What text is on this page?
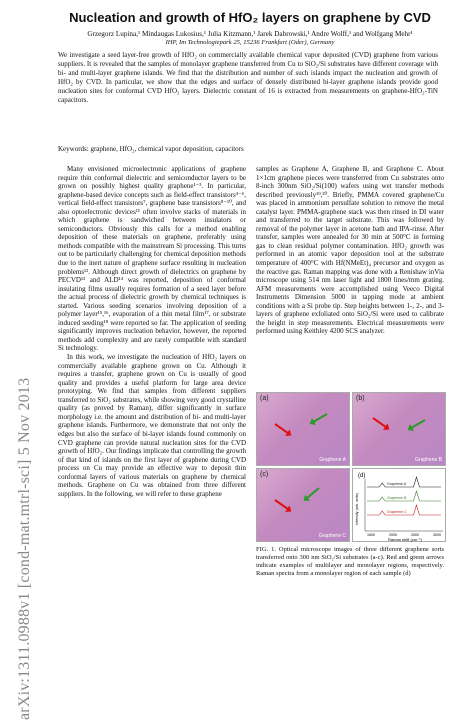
arXiv:1311.0988v1 [cond-mat.mtrl-sci] 5 Nov 2013
Nucleation and growth of HfO₂ layers on graphene by CVD
Grzegorz Lupina,¹ Mindaugas Lukosius,¹ Julia Kitzmann,¹ Jarek Dabrowski,¹ Andre Wolff,¹ and Wolfgang Mehr¹
IHP, Im Technologiepark 25, 15236 Frankfurt (Oder), Germany
We investigate a seed layer-free growth of HfO₂ on commercially available chemical vapor deposited (CVD) graphene from various suppliers. It is revealed that the samples of monolayer graphene transferred from Cu to SiO₂/Si substrates have different coverage with bi- and multi-layer graphene islands. We find that the distribution and number of such islands impact the nucleation and growth of HfO₂ by CVD. In particular, we show that the edges and surface of densely distributed bi-layer graphene islands provide good nucleation sites for conformal CVD HfO₂ layers. Dielectric constant of 16 is extracted from measurements on graphene-HfO₂-TiN capacitors.
Keywords: graphene, HfO₂, chemical vapor deposition, capacitors

Many envisioned microelectronic applications of graphene require thin conformal dielectric and semiconductor layers to be grown on possibly highest quality graphene¹⁻³. In particular, graphene-based device concepts such as field-effect transistors⁴⁻⁶, vertical field-effect transistors⁷, graphene base transistors⁸⁻¹⁰, and also optoelectronic devices¹¹ often involve stacks of materials in which graphene is sandwiched between insulators or semiconductors. Obviously this calls for a method enabling deposition of these materials on graphene, preferably using methods compatible with the mainstream Si processing. This turns out to be particularly challenging for chemical deposition methods due to the inert nature of graphene surface resulting in nucleation problems¹². Although direct growth of dielectrics on graphene by PECVD¹³ and ALD¹⁴ was reported, deposition of conformal insulating films usually requires formation of a seed layer before the actual process of dielectric growth by chemical techniques is started. Various seeding scenarios involving deposition of a polymer layer¹⁵,¹⁶, evaporation of a thin metal film¹⁷, or substrate induced seeding¹⁸ were reported so far. The application of seeding significantly improves nucleation behavior, however, the reported methods add complexity and are rarely compatible with standard Si technology.

In this work, we investigate the nucleation of HfO₂ layers on commercially available graphene grown on Cu. Although it requires a transfer, graphene grown on Cu is usually of good quality and provides a useful platform for large area device prototyping. We find that samples from different suppliers transferred to SiO₂ substrates, while showing very good crystalline quality (as proved by Raman), differ significantly in surface morphology i.e. the amount and distribution of bi- and multi-layer graphene islands. Furthermore, we demonstrate that not only the edges but also the surface of bi-layer islands found commonly on CVD graphene can provide natural nucleation sites for the CVD growth of HfO₂. Our findings implicate that controlling the growth of that kind of islands on the first layer of graphene during CVD process on Cu may provide an effective way to deposit thin conformal layers of various materials on graphene by chemical methods. Graphene on Cu was obtained from three different suppliers. In the following, we will refer to these graphene

samples as Graphene A, Graphene B, and Graphene C. About 1×1cm graphene pieces were transferred from Cu substrates onto 8-inch 300nm SiO₂/Si(100) wafers using wet transfer methods described previously¹⁹,²⁰. Briefly, PMMA covered graphene/Cu was placed in ammonium persulfate solution to remove the metal catalyst layer. PMMA-graphene stack was then rinsed in DI water and transferred to the target substrate. This was followed by removal of the polymer layer in acetone bath and IPA-rinse. After transfer, samples were annealed for 30 min at 500°C in forming gas to clean residual polymer contamination. HfO₂ growth was performed in an atomic vapor deposition tool at the substrate temperature of 400°C with Hf(NMeEt)₄ precursor and oxygen as the reactive gas. Raman mapping was done with a Renishaw inVia microscope using 514 nm laser light and 1800 lines/mm grating. AFM measurements were accomplished using Veeco Digital Instruments Dimension 5000 in tapping mode at ambient conditions with a Si probe tip. Step heights between 1-, 2-, and 3-layers of graphene exfoliated onto SiO₂/Si were used to calibrate the height in step measurements. Electrical measurements were performed using Keithley 4200 SCS analyzer.

(a)
Graphene A
(b)
Graphene B
(c)
Graphene C
Graphene A
Graphene B
Graphene C
1500	2000	2500	3000
(d)
Raman shift (cm⁻¹)
Intensity (arb. units)
FIG. 1. Optical microscope images of three different graphene sorts transferred onto 300 nm SiO₂/Si substrates (a-c). Red and green arrows indicate examples of multilayer and monolayer regions, respectively. Raman spectra from a monolayer region of each sample (d)
